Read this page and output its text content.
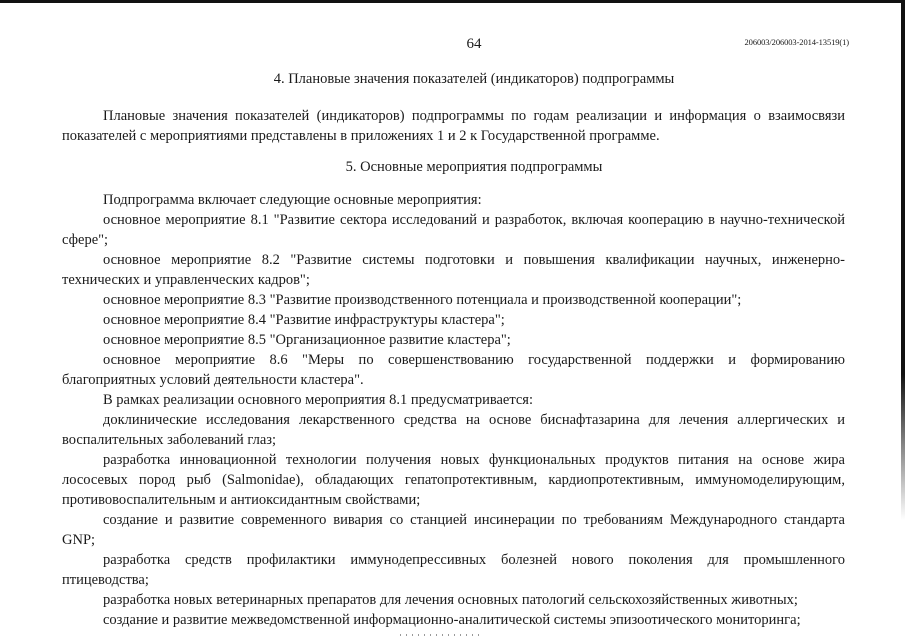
64	206003/206003-2014-13519(1)
4. Плановые значения показателей (индикаторов) подпрограммы
Плановые значения показателей (индикаторов) подпрограммы по годам реализации и информация о взаимосвязи показателей с мероприятиями представлены в приложениях 1 и 2 к Государственной программе.
5. Основные мероприятия подпрограммы
Подпрограмма включает следующие основные мероприятия:
основное мероприятие 8.1 "Развитие сектора исследований и разработок, включая кооперацию в научно-технической сфере";
основное мероприятие 8.2 "Развитие системы подготовки и повышения квалификации научных, инженерно-технических и управленческих кадров";
основное мероприятие 8.3 "Развитие производственного потенциала и производственной кооперации";
основное мероприятие 8.4 "Развитие инфраструктуры кластера";
основное мероприятие 8.5 "Организационное развитие кластера";
основное мероприятие 8.6 "Меры по совершенствованию государственной поддержки и формированию благоприятных условий деятельности кластера".
В рамках реализации основного мероприятия 8.1 предусматривается:
доклинические исследования лекарственного средства на основе биснафтазарина для лечения аллергических и воспалительных заболеваний глаз;
разработка инновационной технологии получения новых функциональных продуктов питания на основе жира лососевых пород рыб (Salmonidae), обладающих гепатопротективным, кардиопротективным, иммуномоделирующим, противовоспалительным и антиоксидантным свойствами;
создание и развитие современного вивария со станцией инсинерации по требованиям Международного стандарта GNP;
разработка средств профилактики иммунодепрессивных болезней нового поколения для промышленного птицеводства;
разработка новых ветеринарных препаратов для лечения основных патологий сельскохозяйственных животных;
создание и развитие межведомственной информационно-аналитической системы эпизоотического мониторинга;
